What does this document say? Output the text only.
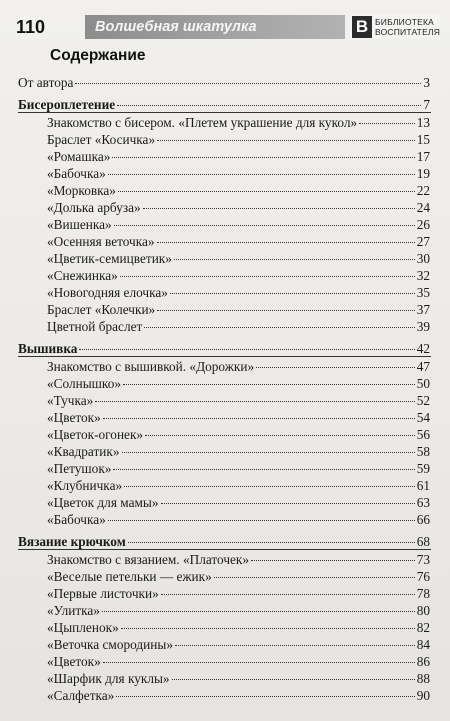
110	Волшебная шкатулка	В БИБЛИОТЕКА
ВОСПИТАТЕЛЯ
Содержание
От автора	3
Бисероплетение	7
Знакомство с бисером. «Плетем украшение для кукол»	13
Браслет «Косичка»	15
«Ромашка»	17
«Бабочка»	19
«Морковка»	22
«Долька арбуза»	24
«Вишенка»	26
«Осенняя веточка»	27
«Цветик-семицветик»	30
«Снежинка»	32
«Новогодняя елочка»	35
Браслет «Колечки»	37
Цветной браслет	39
Вышивка	42
Знакомство с вышивкой. «Дорожки»	47
«Солнышко»	50
«Тучка»	52
«Цветок»	54
«Цветок-огонек»	56
«Квадратик»	58
«Петушок»	59
«Клубничка»	61
«Цветок для мамы»	63
«Бабочка»	66
Вязание крючком	68
Знакомство с вязанием. «Платочек»	73
«Веселые петельки — ежик»	76
«Первые листочки»	78
«Улитка»	80
«Цыпленок»	82
«Веточка смородины»	84
«Цветок»	86
«Шарфик для куклы»	88
«Салфетка»	90
